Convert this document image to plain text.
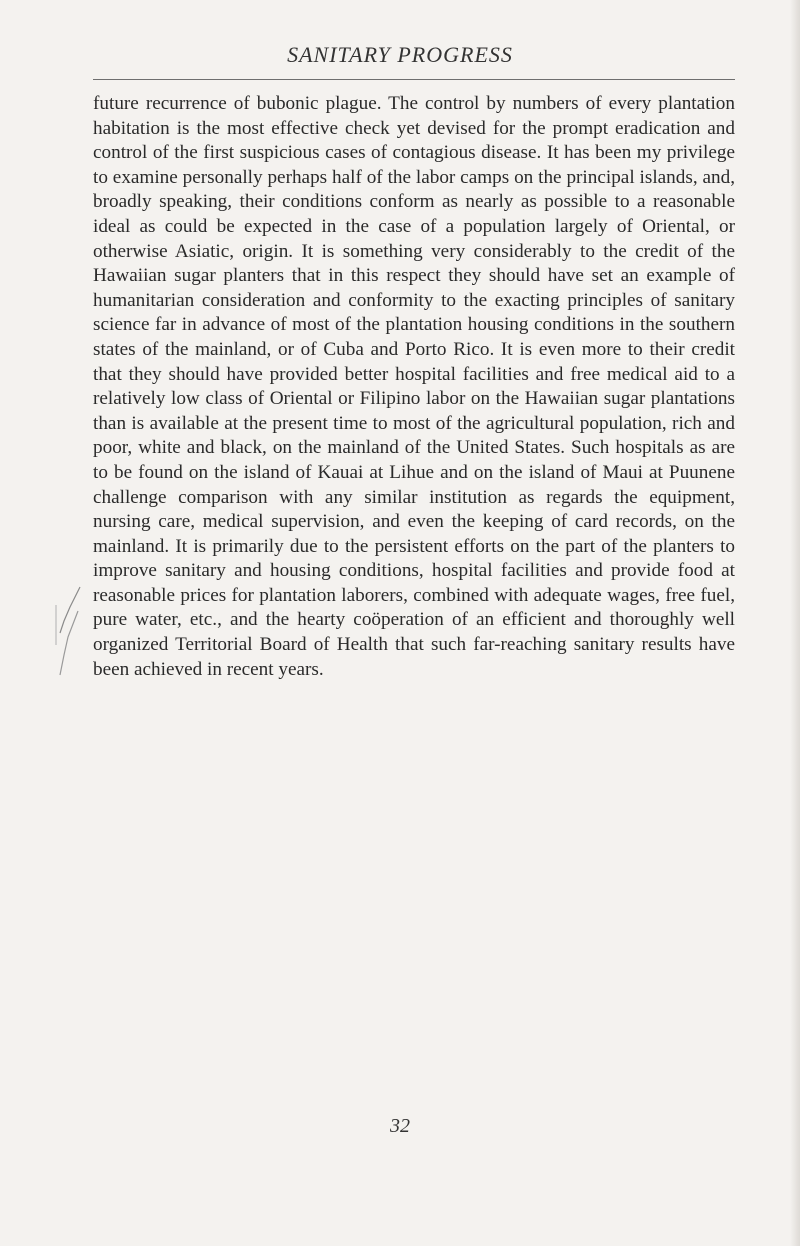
SANITARY PROGRESS

future recurrence of bubonic plague. The control by numbers of every plantation habitation is the most effective check yet devised for the prompt eradication and control of the first suspicious cases of contagious disease. It has been my privilege to examine personally perhaps half of the labor camps on the principal islands, and, broadly speaking, their conditions conform as nearly as possible to a reasonable ideal as could be expected in the case of a population largely of Oriental, or otherwise Asiatic, origin. It is something very considerably to the credit of the Hawaiian sugar planters that in this respect they should have set an example of humanitarian consideration and conformity to the exacting principles of sanitary science far in advance of most of the plantation housing conditions in the southern states of the mainland, or of Cuba and Porto Rico. It is even more to their credit that they should have provided better hospital facilities and free medical aid to a relatively low class of Oriental or Filipino labor on the Hawaiian sugar plantations than is available at the present time to most of the agricultural population, rich and poor, white and black, on the mainland of the United States. Such hospitals as are to be found on the island of Kauai at Lihue and on the island of Maui at Puunene challenge comparison with any similar institution as regards the equipment, nursing care, medical supervision, and even the keeping of card records, on the mainland. It is primarily due to the persistent efforts on the part of the planters to improve sanitary and housing conditions, hospital facilities and provide food at reasonable prices for plantation laborers, combined with adequate wages, free fuel, pure water, etc., and the hearty coöperation of an efficient and thoroughly well organized Territorial Board of Health that such far-reaching sanitary results have been achieved in recent years.

32
